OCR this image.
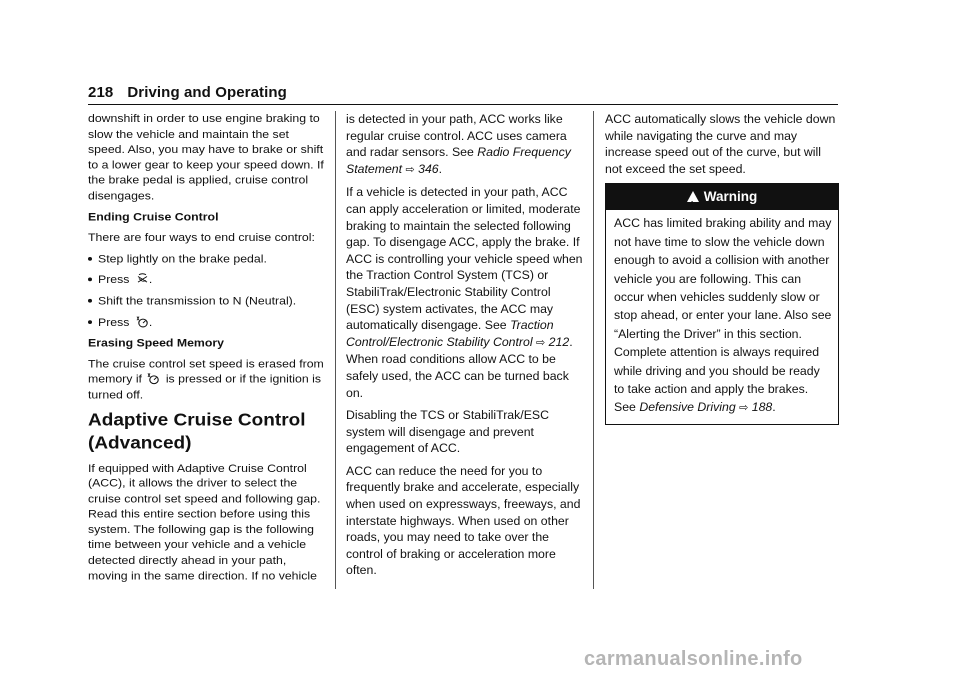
218 Driving and Operating

downshift in order to use engine braking to slow the vehicle and maintain the set speed. Also, you may have to brake or shift to a lower gear to keep your speed down. If the brake pedal is applied, cruise control disengages.

Ending Cruise Control

There are four ways to end cruise control:

Step lightly on the brake pedal.
Press .
Shift the transmission to N (Neutral).
Press .

Erasing Speed Memory

The cruise control set speed is erased from memory if is pressed or if the ignition is turned off.

Adaptive Cruise Control (Advanced)

If equipped with Adaptive Cruise Control (ACC), it allows the driver to select the cruise control set speed and following gap. Read this entire section before using this system. The following gap is the following time between your vehicle and a vehicle detected directly ahead in your path, moving in the same direction. If no vehicle

is detected in your path, ACC works like regular cruise control. ACC uses camera and radar sensors. See Radio Frequency Statement ⇨ 346.

If a vehicle is detected in your path, ACC can apply acceleration or limited, moderate braking to maintain the selected following gap. To disengage ACC, apply the brake. If ACC is controlling your vehicle speed when the Traction Control System (TCS) or StabiliTrak/Electronic Stability Control (ESC) system activates, the ACC may automatically disengage. See Traction Control/Electronic Stability Control ⇨ 212. When road conditions allow ACC to be safely used, the ACC can be turned back on.

Disabling the TCS or StabiliTrak/ESC system will disengage and prevent engagement of ACC.

ACC can reduce the need for you to frequently brake and accelerate, especially when used on expressways, freeways, and interstate highways. When used on other roads, you may need to take over the control of braking or acceleration more often.

ACC automatically slows the vehicle down while navigating the curve and may increase speed out of the curve, but will not exceed the set speed.

!Warning
ACC has limited braking ability and may not have time to slow the vehicle down enough to avoid a collision with another vehicle you are following. This can occur when vehicles suddenly slow or stop ahead, or enter your lane. Also see “Alerting the Driver” in this section. Complete attention is always required while driving and you should be ready to take action and apply the brakes. See Defensive Driving ⇨ 188.
carmanualsonline.info
